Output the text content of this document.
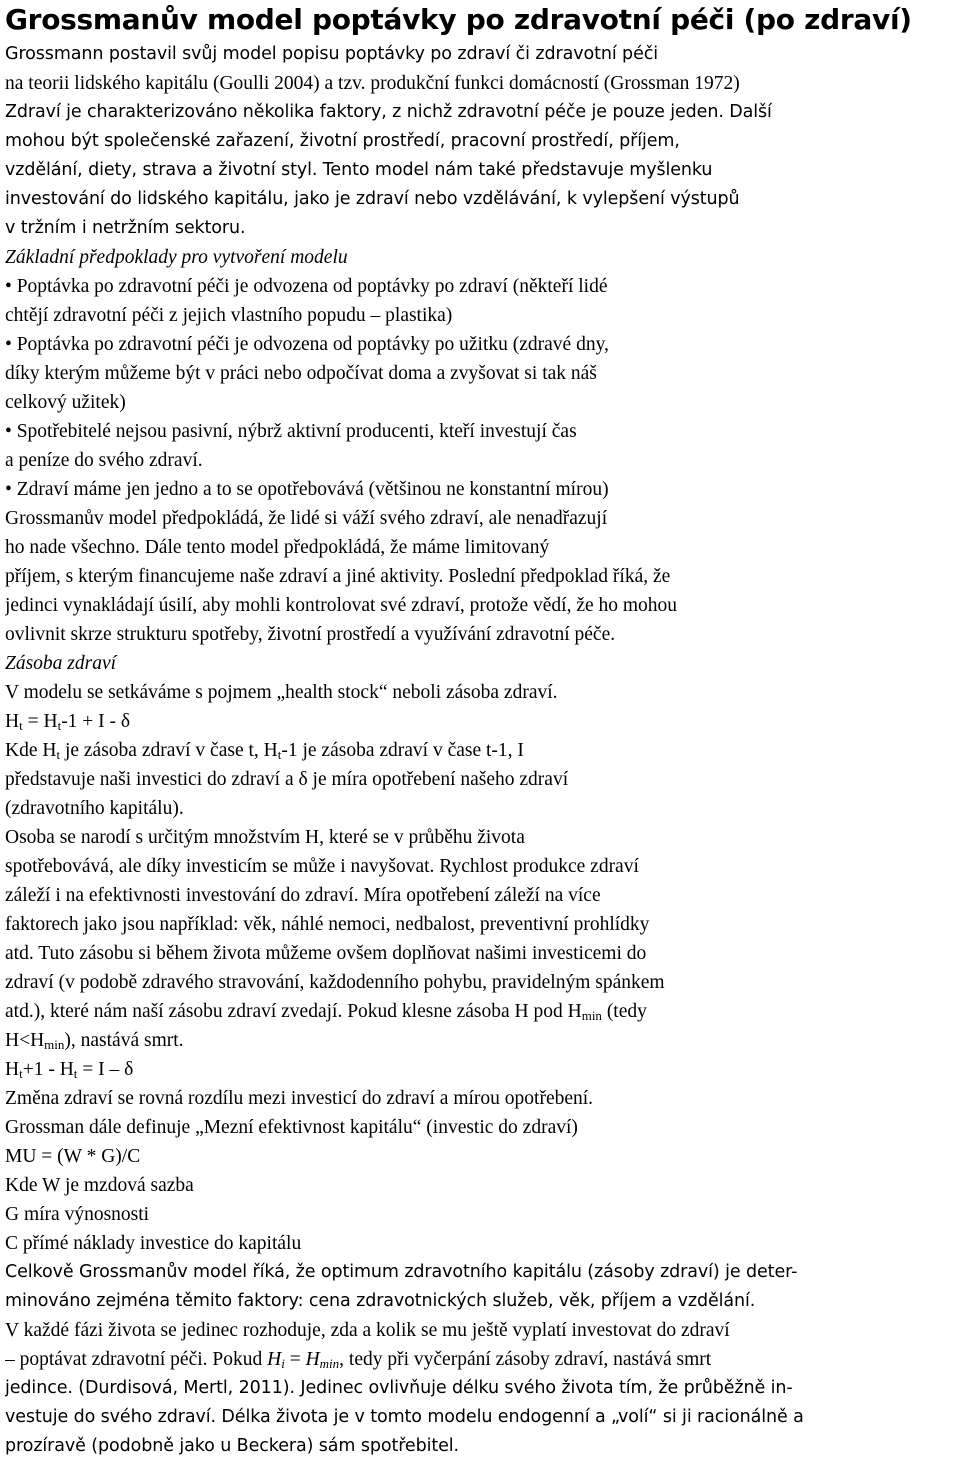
Grossmanův model poptávky po zdravotní péči (po zdraví)
Grossmann postavil svůj model popisu poptávky po zdraví či zdravotní péči
na teorii lidského kapitálu (Goulli 2004) a tzv. produkční funkci domácností (Grossman 1972)
Zdraví je charakterizováno několika faktory, z nichž zdravotní péče je pouze jeden. Další
mohou být společenské zařazení, životní prostředí, pracovní prostředí, příjem,
vzdělání, diety, strava a životní styl. Tento model nám také představuje myšlenku
investování do lidského kapitálu, jako je zdraví nebo vzdělávání, k vylepšení výstupů
v tržním i netržním sektoru.
Základní předpoklady pro vytvoření modelu
• Poptávka po zdravotní péči je odvozena od poptávky po zdraví (někteří lidé
chtějí zdravotní péči z jejich vlastního popudu – plastika)
• Poptávka po zdravotní péči je odvozena od poptávky po užitku (zdravé dny,
díky kterým můžeme být v práci nebo odpočívat doma a zvyšovat si tak náš
celkový užitek)
• Spotřebitelé nejsou pasivní, nýbrž aktivní producenti, kteří investují čas
a peníze do svého zdraví.
• Zdraví máme jen jedno a to se opotřebovává (většinou ne konstantní mírou)
Grossmanův model předpokládá, že lidé si váží svého zdraví, ale nenadřazují
ho nade všechno. Dále tento model předpokládá, že máme limitovaný
příjem, s kterým financujeme naše zdraví a jiné aktivity. Poslední předpoklad říká, že
jedinci vynakládají úsilí, aby mohli kontrolovat své zdraví, protože vědí, že ho mohou
ovlivnit skrze strukturu spotřeby, životní prostředí a využívání zdravotní péče.
Zásoba zdraví
V modelu se setkáváme s pojmem „health stock“ neboli zásoba zdraví.
$H_t = H_t-1 + I - \delta$
Kde $H_t$ je zásoba zdraví v čase t, $H_t-1$ je zásoba zdraví v čase t-1, I
představuje naši investici do zdraví a δ je míra opotřebení našeho zdraví
(zdravotního kapitálu).
Osoba se narodí s určitým množstvím H, které se v průběhu života
spotřebovává, ale díky investicím se může i navyšovat. Rychlost produkce zdraví
záleží i na efektivnosti investování do zdraví. Míra opotřebení záleží na více
faktorech jako jsou například: věk, náhlé nemoci, nedbalost, preventivní prohlídky
atd. Tuto zásobu si během života můžeme ovšem doplňovat našimi investicemi do
zdraví (v podobě zdravého stravování, každodenního pohybu, pravidelným spánkem
atd.), které nám naší zásobu zdraví zvedají. Pokud klesne zásoba H pod $H_{min}$ (tedy
$H<H_{min}$), nastává smrt.
$H_t+1 - H_t = I - \delta$
Změna zdraví se rovná rozdílu mezi investicí do zdraví a mírou opotřebení.
Grossman dále definuje „Mezní efektivnost kapitálu“ (investic do zdraví)
MU = (W * G)/C
Kde W je mzdová sazba
G míra výnosnosti
C přímé náklady investice do kapitálu
Celkově Grossmanův model říká, že optimum zdravotního kapitálu (zásoby zdraví) je deter-
minováno zejména těmito faktory: cena zdravotnických služeb, věk, příjem a vzdělání.
V každé fázi života se jedinec rozhoduje, zda a kolik se mu ještě vyplatí investovat do zdraví
– poptávat zdravotní péči. Pokud $H_i = H_{min}$, tedy při vyčerpání zásoby zdraví, nastává smrt
jedince. (Durdisová, Mertl, 2011). Jedinec ovlivňuje délku svého života tím, že průběžně in-
vestuje do svého zdraví. Délka života je v tomto modelu endogenní a „volí“ si ji racionálně a
prozíravě (podobně jako u Beckera) sám spotřebitel.
